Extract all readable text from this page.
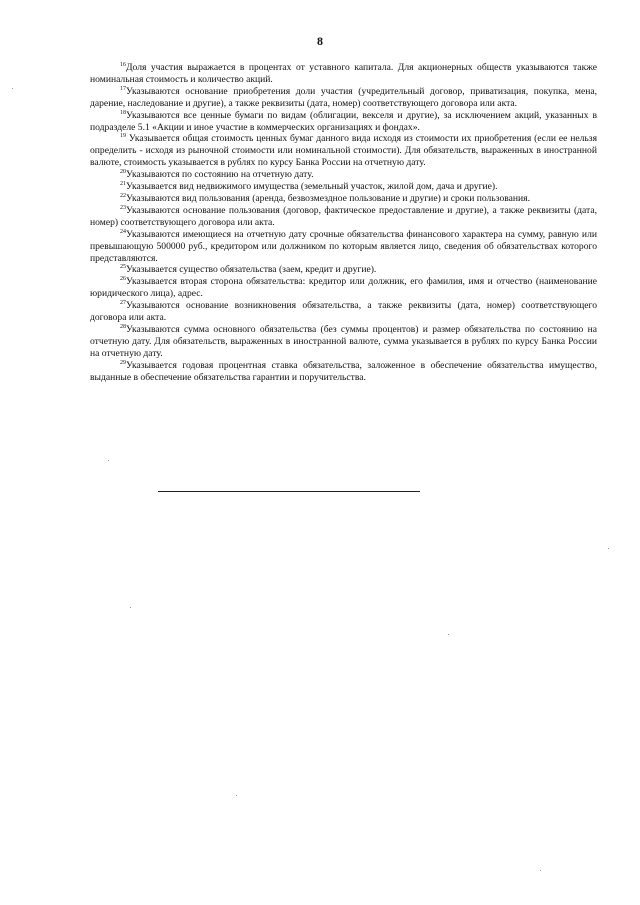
8

$^{16}$Доля участия выражается в процентах от уставного капитала. Для акционерных обществ указываются также номинальная стоимость и количество акций.

$^{17}$Указываются основание приобретения доли участия (учредительный договор, приватизация, покупка, мена, дарение, наследование и другие), а также реквизиты (дата, номер) соответствующего договора или акта.

$^{18}$Указываются все ценные бумаги по видам (облигации, векселя и другие), за исключением акций, указанных в подразделе 5.1 «Акции и иное участие в коммерческих организациях и фондах».

$^{19}$ Указывается общая стоимость ценных бумаг данного вида исходя из стоимости их приобретения (если ее нельзя определить - исходя из рыночной стоимости или номинальной стоимости). Для обязательств, выраженных в иностранной валюте, стоимость указывается в рублях по курсу Банка России на отчетную дату.

$^{20}$Указываются по состоянию на отчетную дату.

$^{21}$Указывается вид недвижимого имущества (земельный участок, жилой дом, дача и другие).

$^{22}$Указываются вид пользования (аренда, безвозмездное пользование и другие) и сроки пользования.

$^{23}$Указываются основание пользования (договор, фактическое предоставление и другие), а также реквизиты (дата, номер) соответствующего договора или акта.

$^{24}$Указываются имеющиеся на отчетную дату срочные обязательства финансового характера на сумму, равную или превышающую 500000 руб., кредитором или должником по которым является лицо, сведения об обязательствах которого представляются.

$^{25}$Указывается существо обязательства (заем, кредит и другие).

$^{26}$Указывается вторая сторона обязательства: кредитор или должник, его фамилия, имя и отчество (наименование юридического лица), адрес.

$^{27}$Указываются основание возникновения обязательства, а также реквизиты (дата, номер) соответствующего договора или акта.

$^{28}$Указываются сумма основного обязательства (без суммы процентов) и размер обязательства по состоянию на отчетную дату. Для обязательств, выраженных в иностранной валюте, сумма указывается в рублях по курсу Банка России на отчетную дату.

$^{29}$Указывается годовая процентная ставка обязательства, заложенное в обеспечение обязательства имущество, выданные в обеспечение обязательства гарантии и поручительства.
